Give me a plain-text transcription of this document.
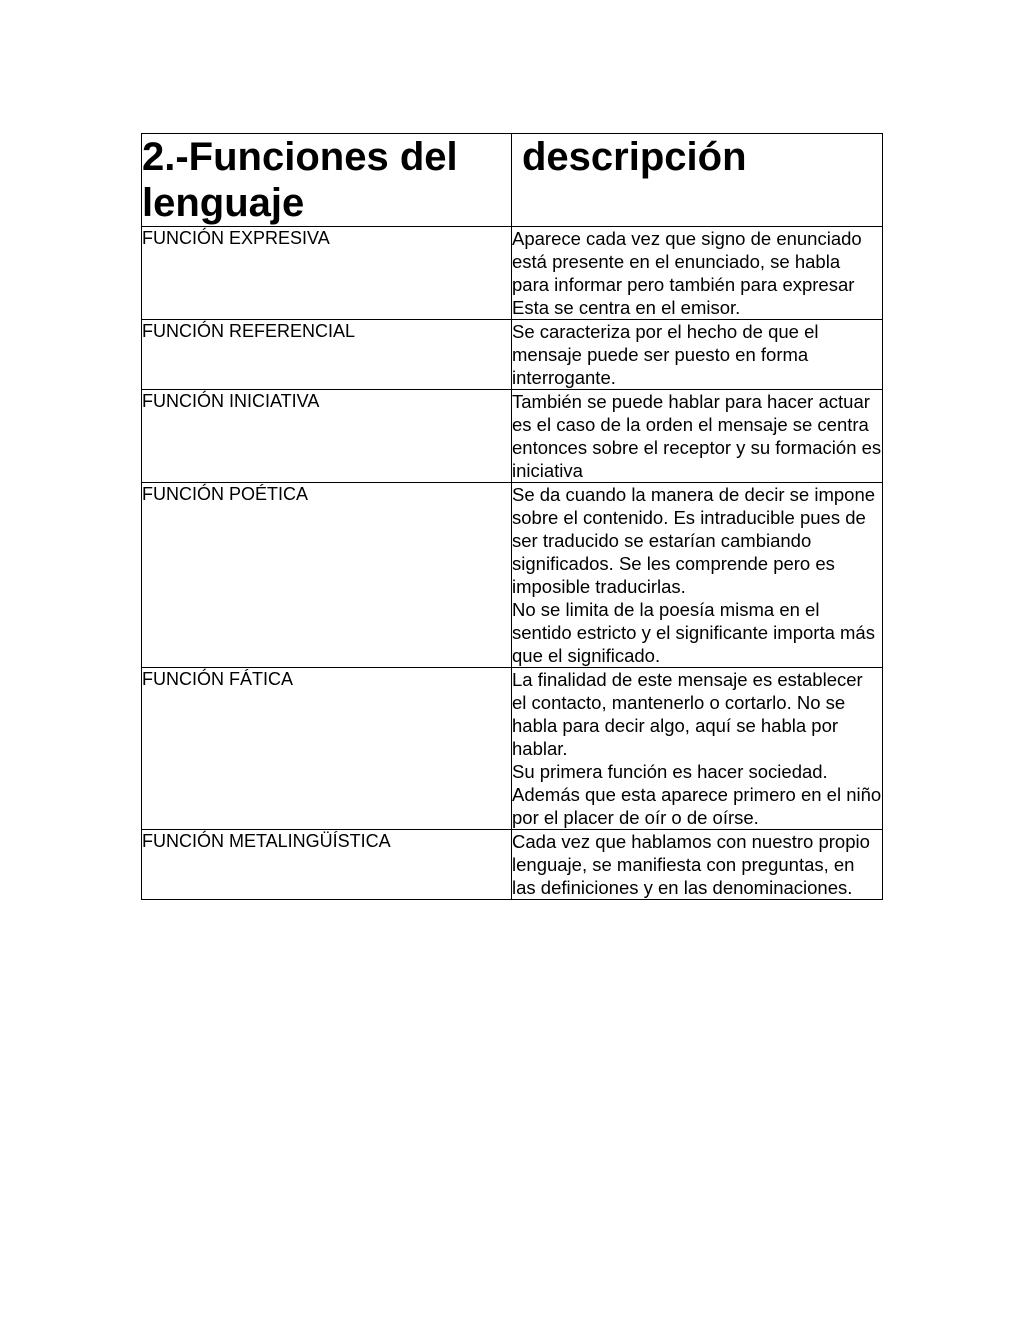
2.-Funciones del lenguaje	descripción
FUNCIÓN EXPRESIVA	Aparece cada vez que signo de enunciado está presente en el enunciado, se habla para informar pero también para expresar
Esta se centra en el emisor.

FUNCIÓN REFERENCIAL	Se caracteriza por el hecho de que el mensaje puede ser puesto en forma interrogante.

FUNCIÓN INICIATIVA	También se puede hablar para hacer actuar es el caso de la orden el mensaje se centra entonces sobre el receptor y su formación es iniciativa

FUNCIÓN POÉTICA	Se da cuando la manera de decir se impone sobre el contenido. Es intraducible pues de ser traducido se estarían cambiando significados. Se les comprende pero es imposible traducirlas.
No se limita de la poesía misma en el sentido estricto y el significante importa más que el significado.

FUNCIÓN FÁTICA	La finalidad de este mensaje es establecer el contacto, mantenerlo o cortarlo. No se habla para decir algo, aquí se habla por hablar.
Su primera función es hacer sociedad.
Además que esta aparece primero en el niño por el placer de oír o de oírse.

FUNCIÓN METALINGÜÍSTICA	Cada vez que hablamos con nuestro propio lenguaje, se manifiesta con preguntas, en las definiciones y en las denominaciones.
